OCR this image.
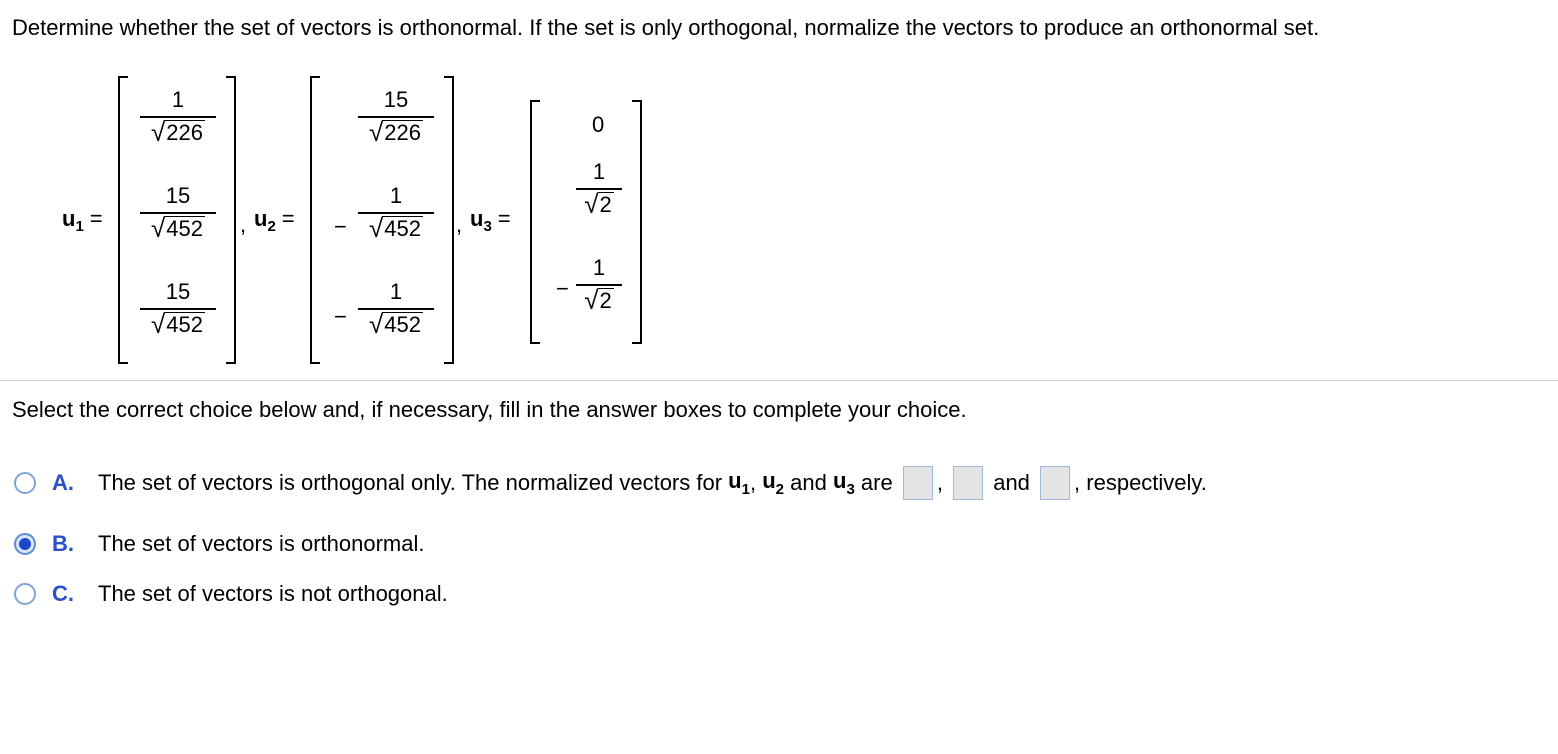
Determine whether the set of vectors is orthonormal. If the set is only orthogonal, normalize the vectors to produce an orthonormal set.
$u_1$ =
1
√ 226
15
√ 452
15
√ 452
, $u_2$ =
15
√ 226
−
1
√ 452
−
1
√ 452
, $u_3$ =
0
1
√ 2
−
1
√ 2
Select the correct choice below and, if necessary, fill in the answer boxes to complete your choice.
A.	The set of vectors is orthogonal only. The normalized vectors for
$u_1$ ,
$u_2$
and
$u_3$
are
,

and
, respectively.
B.	The set of vectors is orthonormal.
C.	The set of vectors is not orthogonal.
